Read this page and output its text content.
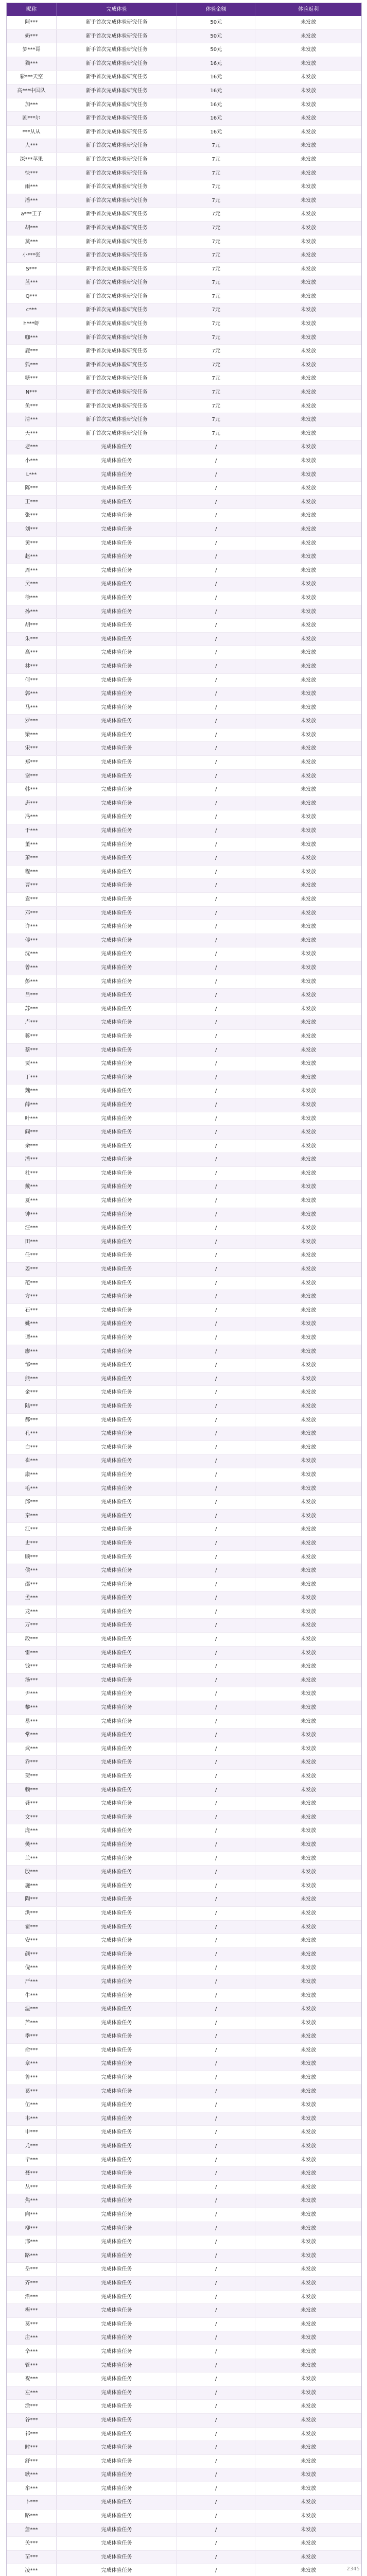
昵称	完成体验	体验金额	体验返利
阿***	新手首次完成体验研究任务	50元	未发放
奶***	新手首次完成体验研究任务	50元	未发放
梦***哥	新手首次完成体验研究任务	50元	未发放
猫***	新手首次完成体验研究任务	16元	未发放
彩***天空	新手首次完成体验研究任务	16元	未发放
高***中国队	新手首次完成体验研究任务	16元	未发放
加***	新手首次完成体验研究任务	16元	未发放
剧***尔	新手首次完成体验研究任务	16元	未发放
***从从	新手首次完成体验研究任务	16元	未发放
人***	新手首次完成体验研究任务	7元	未发放
深***苹果	新手首次完成体验研究任务	7元	未发放
快***	新手首次完成体验研究任务	7元	未发放
雨***	新手首次完成体验研究任务	7元	未发放
潘***	新手首次完成体验研究任务	7元	未发放
a***王子	新手首次完成体验研究任务	7元	未发放
胡***	新手首次完成体验研究任务	7元	未发放
莫***	新手首次完成体验研究任务	7元	未发放
小***张	新手首次完成体验研究任务	7元	未发放
S***	新手首次完成体验研究任务	7元	未发放
蓝***	新手首次完成体验研究任务	7元	未发放
Q***	新手首次完成体验研究任务	7元	未发放
c***	新手首次完成体验研究任务	7元	未发放
h***虾	新手首次完成体验研究任务	7元	未发放
咖***	新手首次完成体验研究任务	7元	未发放
鹿***	新手首次完成体验研究任务	7元	未发放
狐***	新手首次完成体验研究任务	7元	未发放
糖***	新手首次完成体验研究任务	7元	未发放
N***	新手首次完成体验研究任务	7元	未发放
鱼***	新手首次完成体验研究任务	7元	未发放
清***	新手首次完成体验研究任务	7元	未发放
天***	新手首次完成体验研究任务	7元	未发放
老***	完成体验任务	/	未发放
小***	完成体验任务	/	未发放
L***	完成体验任务	/	未发放
陈***	完成体验任务	/	未发放
王***	完成体验任务	/	未发放
张***	完成体验任务	/	未发放
刘***	完成体验任务	/	未发放
黄***	完成体验任务	/	未发放
赵***	完成体验任务	/	未发放
周***	完成体验任务	/	未发放
吴***	完成体验任务	/	未发放
徐***	完成体验任务	/	未发放
孙***	完成体验任务	/	未发放
胡***	完成体验任务	/	未发放
朱***	完成体验任务	/	未发放
高***	完成体验任务	/	未发放
林***	完成体验任务	/	未发放
何***	完成体验任务	/	未发放
郭***	完成体验任务	/	未发放
马***	完成体验任务	/	未发放
罗***	完成体验任务	/	未发放
梁***	完成体验任务	/	未发放
宋***	完成体验任务	/	未发放
郑***	完成体验任务	/	未发放
谢***	完成体验任务	/	未发放
韩***	完成体验任务	/	未发放
唐***	完成体验任务	/	未发放
冯***	完成体验任务	/	未发放
于***	完成体验任务	/	未发放
董***	完成体验任务	/	未发放
萧***	完成体验任务	/	未发放
程***	完成体验任务	/	未发放
曹***	完成体验任务	/	未发放
袁***	完成体验任务	/	未发放
邓***	完成体验任务	/	未发放
许***	完成体验任务	/	未发放
傅***	完成体验任务	/	未发放
沈***	完成体验任务	/	未发放
曾***	完成体验任务	/	未发放
彭***	完成体验任务	/	未发放
吕***	完成体验任务	/	未发放
苏***	完成体验任务	/	未发放
卢***	完成体验任务	/	未发放
蒋***	完成体验任务	/	未发放
蔡***	完成体验任务	/	未发放
贾***	完成体验任务	/	未发放
丁***	完成体验任务	/	未发放
魏***	完成体验任务	/	未发放
薛***	完成体验任务	/	未发放
叶***	完成体验任务	/	未发放
阎***	完成体验任务	/	未发放
余***	完成体验任务	/	未发放
潘***	完成体验任务	/	未发放
杜***	完成体验任务	/	未发放
戴***	完成体验任务	/	未发放
夏***	完成体验任务	/	未发放
钟***	完成体验任务	/	未发放
汪***	完成体验任务	/	未发放
田***	完成体验任务	/	未发放
任***	完成体验任务	/	未发放
姜***	完成体验任务	/	未发放
范***	完成体验任务	/	未发放
方***	完成体验任务	/	未发放
石***	完成体验任务	/	未发放
姚***	完成体验任务	/	未发放
谭***	完成体验任务	/	未发放
廖***	完成体验任务	/	未发放
邹***	完成体验任务	/	未发放
熊***	完成体验任务	/	未发放
金***	完成体验任务	/	未发放
陆***	完成体验任务	/	未发放
郝***	完成体验任务	/	未发放
孔***	完成体验任务	/	未发放
白***	完成体验任务	/	未发放
崔***	完成体验任务	/	未发放
康***	完成体验任务	/	未发放
毛***	完成体验任务	/	未发放
邱***	完成体验任务	/	未发放
秦***	完成体验任务	/	未发放
江***	完成体验任务	/	未发放
史***	完成体验任务	/	未发放
顾***	完成体验任务	/	未发放
侯***	完成体验任务	/	未发放
邵***	完成体验任务	/	未发放
孟***	完成体验任务	/	未发放
龙***	完成体验任务	/	未发放
万***	完成体验任务	/	未发放
段***	完成体验任务	/	未发放
雷***	完成体验任务	/	未发放
钱***	完成体验任务	/	未发放
汤***	完成体验任务	/	未发放
尹***	完成体验任务	/	未发放
黎***	完成体验任务	/	未发放
易***	完成体验任务	/	未发放
常***	完成体验任务	/	未发放
武***	完成体验任务	/	未发放
乔***	完成体验任务	/	未发放
贺***	完成体验任务	/	未发放
赖***	完成体验任务	/	未发放
龚***	完成体验任务	/	未发放
文***	完成体验任务	/	未发放
庞***	完成体验任务	/	未发放
樊***	完成体验任务	/	未发放
兰***	完成体验任务	/	未发放
殷***	完成体验任务	/	未发放
施***	完成体验任务	/	未发放
陶***	完成体验任务	/	未发放
洪***	完成体验任务	/	未发放
翟***	完成体验任务	/	未发放
安***	完成体验任务	/	未发放
颜***	完成体验任务	/	未发放
倪***	完成体验任务	/	未发放
严***	完成体验任务	/	未发放
牛***	完成体验任务	/	未发放
温***	完成体验任务	/	未发放
芦***	完成体验任务	/	未发放
季***	完成体验任务	/	未发放
俞***	完成体验任务	/	未发放
章***	完成体验任务	/	未发放
鲁***	完成体验任务	/	未发放
葛***	完成体验任务	/	未发放
伍***	完成体验任务	/	未发放
韦***	完成体验任务	/	未发放
申***	完成体验任务	/	未发放
尤***	完成体验任务	/	未发放
毕***	完成体验任务	/	未发放
聂***	完成体验任务	/	未发放
丛***	完成体验任务	/	未发放
焦***	完成体验任务	/	未发放
向***	完成体验任务	/	未发放
柳***	完成体验任务	/	未发放
邢***	完成体验任务	/	未发放
路***	完成体验任务	/	未发放
岳***	完成体验任务	/	未发放
齐***	完成体验任务	/	未发放
沿***	完成体验任务	/	未发放
梅***	完成体验任务	/	未发放
莫***	完成体验任务	/	未发放
庄***	完成体验任务	/	未发放
辛***	完成体验任务	/	未发放
管***	完成体验任务	/	未发放
祝***	完成体验任务	/	未发放
左***	完成体验任务	/	未发放
涂***	完成体验任务	/	未发放
谷***	完成体验任务	/	未发放
祁***	完成体验任务	/	未发放
时***	完成体验任务	/	未发放
舒***	完成体验任务	/	未发放
耿***	完成体验任务	/	未发放
牟***	完成体验任务	/	未发放
卜***	完成体验任务	/	未发放
路***	完成体验任务	/	未发放
詹***	完成体验任务	/	未发放
关***	完成体验任务	/	未发放
苗***	完成体验任务	/	未发放
凌***	完成体验任务	/	未发放

				2345
